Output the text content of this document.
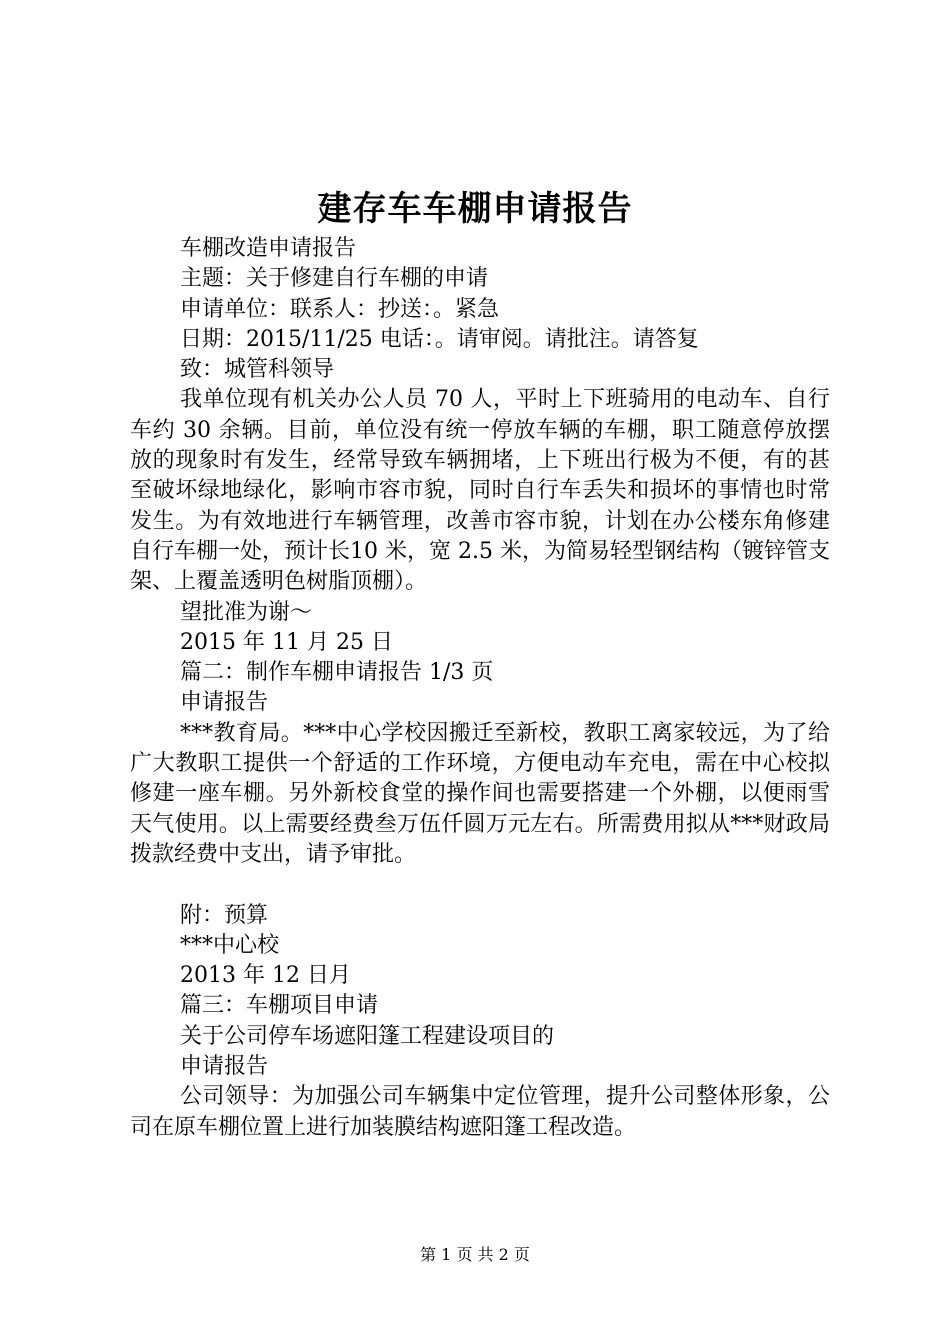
建存车车棚申请报告

车棚改造申请报告

主题：关于修建自行车棚的申请

申请单位：联系人：抄送：。紧急

日期：2015/11/25 电话：。请审阅。请批注。请答复

致：城管科领导

我单位现有机关办公人员 70 人，平时上下班骑用的电动车、自行车约 30 余辆。目前，单位没有统一停放车辆的车棚，职工随意停放摆放的现象时有发生，经常导致车辆拥堵，上下班出行极为不便，有的甚至破坏绿地绿化，影响市容市貌，同时自行车丢失和损坏的事情也时常发生。为有效地进行车辆管理，改善市容市貌，计划在办公楼东角修建自行车棚一处，预计长10 米，宽 2.5 米，为简易轻型钢结构（镀锌管支架、上覆盖透明色树脂顶棚）。

望批准为谢～

2015 年 11 月 25 日

篇二：制作车棚申请报告 1/3 页

申请报告

***教育局。***中心学校因搬迁至新校，教职工离家较远，为了给广大教职工提供一个舒适的工作环境，方便电动车充电，需在中心校拟修建一座车棚。另外新校食堂的操作间也需要搭建一个外棚，以便雨雪天气使用。以上需要经费叁万伍仟圆万元左右。所需费用拟从***财政局拨款经费中支出，请予审批。

附：预算

***中心校

2013 年 12 日月

篇三：车棚项目申请

关于公司停车场遮阳篷工程建设项目的

申请报告

公司领导：为加强公司车辆集中定位管理，提升公司整体形象，公司在原车棚位置上进行加装膜结构遮阳篷工程改造。

第 1 页 共 2 页
